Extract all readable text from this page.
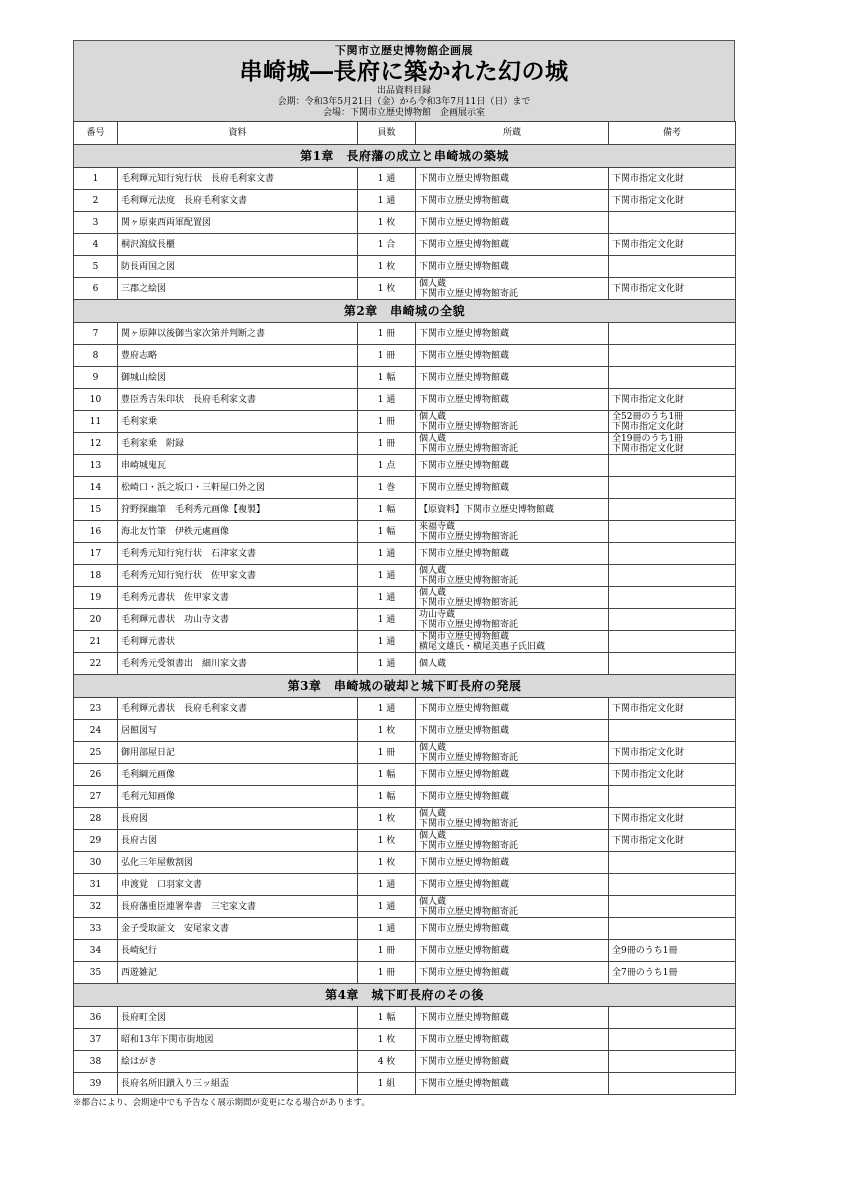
下関市立歴史博物館企画展
串崎城―長府に築かれた幻の城
出品資料目録
会期：令和3年5月21日（金）から令和3年7月11日（日）まで
会場：下関市立歴史博物館　企画展示室
番号	資料	員数	所蔵	備考
第1章　長府藩の成立と串崎城の築城				
1	毛利輝元知行宛行状　長府毛利家文書	1 通	下関市立歴史博物館蔵	下関市指定文化財

2	毛利輝元法度　長府毛利家文書	1 通	下関市立歴史博物館蔵	下関市指定文化財

3	関ヶ原東西両軍配置図	1 枚	下関市立歴史博物館蔵	

4	桐沢瀉紋長櫃	1 合	下関市立歴史博物館蔵	下関市指定文化財

5	防長両国之図	1 枚	下関市立歴史博物館蔵	

6	三郡之絵図	1 枚	個人蔵
下関市立歴史博物館寄託	下関市指定文化財

第2章　串崎城の全貌				
7	関ヶ原陣以後御当家次第并判断之書	1 冊	下関市立歴史博物館蔵	

8	豊府志略	1 冊	下関市立歴史博物館蔵	

9	御城山絵図	1 幅	下関市立歴史博物館蔵	

10	豊臣秀吉朱印状　長府毛利家文書	1 通	下関市立歴史博物館蔵	下関市指定文化財

11	毛利家乗	1 冊	個人蔵
下関市立歴史博物館寄託	全52冊のうち1冊
下関市指定文化財

12	毛利家乗　附録	1 冊	個人蔵
下関市立歴史博物館寄託	全19冊のうち1冊
下関市指定文化財

13	串崎城鬼瓦	1 点	下関市立歴史博物館蔵	

14	松崎口・浜之坂口・三軒屋口外之図	1 巻	下関市立歴史博物館蔵	

15	狩野探幽筆　毛利秀元画像【複製】	1 幅	【原資料】下関市立歴史博物館蔵	

16	海北友竹筆　伊秩元處画像	1 幅	来福寺蔵
下関市立歴史博物館寄託	

17	毛利秀元知行宛行状　石津家文書	1 通	下関市立歴史博物館蔵	

18	毛利秀元知行宛行状　佐甲家文書	1 通	個人蔵
下関市立歴史博物館寄託	

19	毛利秀元書状　佐甲家文書	1 通	個人蔵
下関市立歴史博物館寄託	

20	毛利輝元書状　功山寺文書	1 通	功山寺蔵
下関市立歴史博物館寄託	

21	毛利輝元書状	1 通	下関市立歴史博物館蔵
横尾文雄氏・横尾美惠子氏旧蔵	

22	毛利秀元受領書出　細川家文書	1 通	個人蔵	

第3章　串崎城の破却と城下町長府の発展				
23	毛利輝元書状　長府毛利家文書	1 通	下関市立歴史博物館蔵	下関市指定文化財

24	居館図写	1 枚	下関市立歴史博物館蔵	

25	御用部屋日記	1 冊	個人蔵
下関市立歴史博物館寄託	下関市指定文化財

26	毛利綱元画像	1 幅	下関市立歴史博物館蔵	下関市指定文化財

27	毛利元知画像	1 幅	下関市立歴史博物館蔵	

28	長府図	1 枚	個人蔵
下関市立歴史博物館寄託	下関市指定文化財

29	長府古図	1 枚	個人蔵
下関市立歴史博物館寄託	下関市指定文化財

30	弘化三年屋敷割図	1 枚	下関市立歴史博物館蔵	

31	申渡覚　口羽家文書	1 通	下関市立歴史博物館蔵	

32	長府藩重臣連署奉書　三宅家文書	1 通	個人蔵
下関市立歴史博物館寄託	

33	金子受取証文　安尾家文書	1 通	下関市立歴史博物館蔵	

34	長崎紀行	1 冊	下関市立歴史博物館蔵	全9冊のうち1冊

35	西遊雑記	1 冊	下関市立歴史博物館蔵	全7冊のうち1冊

第4章　城下町長府のその後				
36	長府町全図	1 幅	下関市立歴史博物館蔵	

37	昭和13年下関市街地図	1 枚	下関市立歴史博物館蔵	

38	絵はがき	4 枚	下関市立歴史博物館蔵	

39	長府名所旧蹟入り三ッ組盃	1 組	下関市立歴史博物館蔵	

※都合により、会期途中でも予告なく展示期間が変更になる場合があります。
